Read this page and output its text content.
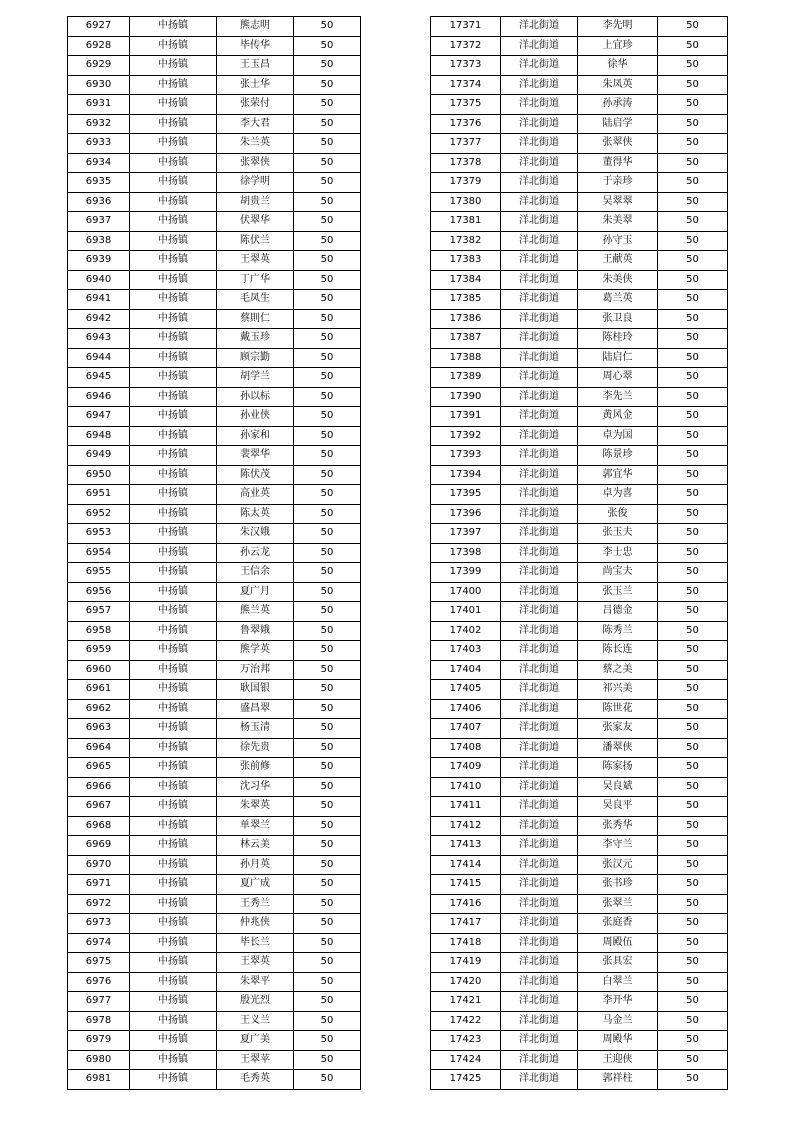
6927	中扬镇	熊志明	50
6928	中扬镇	毕传华	50
6929	中扬镇	王玉昌	50
6930	中扬镇	张士华	50
6931	中扬镇	张荣付	50
6932	中扬镇	李大君	50
6933	中扬镇	朱兰英	50
6934	中扬镇	张翠侠	50
6935	中扬镇	徐学明	50
6936	中扬镇	胡贵兰	50
6937	中扬镇	伏翠华	50
6938	中扬镇	陈伏兰	50
6939	中扬镇	王翠英	50
6940	中扬镇	丁广华	50
6941	中扬镇	毛凤生	50
6942	中扬镇	蔡則仁	50
6943	中扬镇	戴玉珍	50
6944	中扬镇	顾宗勤	50
6945	中扬镇	胡学兰	50
6946	中扬镇	孙以标	50
6947	中扬镇	孙业侠	50
6948	中扬镇	孙家和	50
6949	中扬镇	裴翠华	50
6950	中扬镇	陈伏茂	50
6951	中扬镇	高业英	50
6952	中扬镇	陈太英	50
6953	中扬镇	朱汉娥	50
6954	中扬镇	孙云龙	50
6955	中扬镇	王信余	50
6956	中扬镇	夏广月	50
6957	中扬镇	熊兰英	50
6958	中扬镇	鲁翠娥	50
6959	中扬镇	熊学英	50
6960	中扬镇	万治邦	50
6961	中扬镇	耿国银	50
6962	中扬镇	盛昌翠	50
6963	中扬镇	杨玉清	50
6964	中扬镇	徐先贵	50
6965	中扬镇	张前修	50
6966	中扬镇	沈习华	50
6967	中扬镇	朱翠英	50
6968	中扬镇	单翠兰	50
6969	中扬镇	林云美	50
6970	中扬镇	孙月英	50
6971	中扬镇	夏广成	50
6972	中扬镇	王秀兰	50
6973	中扬镇	仲兆侠	50
6974	中扬镇	毕长兰	50
6975	中扬镇	王翠英	50
6976	中扬镇	朱翠平	50
6977	中扬镇	殷光烈	50
6978	中扬镇	王义兰	50
6979	中扬镇	夏广美	50
6980	中扬镇	王翠苹	50
6981	中扬镇	毛秀英	50
17371	洋北街道	李先明	50
17372	洋北街道	上宜珍	50
17373	洋北街道	徐华	50
17374	洋北街道	朱凤英	50
17375	洋北街道	孙承涛	50
17376	洋北街道	陆启学	50
17377	洋北街道	张翠侠	50
17378	洋北街道	董得华	50
17379	洋北街道	于亲珍	50
17380	洋北街道	吴翠翠	50
17381	洋北街道	朱美翠	50
17382	洋北街道	孙守玉	50
17383	洋北街道	王献英	50
17384	洋北街道	朱美侠	50
17385	洋北街道	葛兰英	50
17386	洋北街道	张卫良	50
17387	洋北街道	陈桂玲	50
17388	洋北街道	陆启仁	50
17389	洋北街道	周心翠	50
17390	洋北街道	李先兰	50
17391	洋北街道	黄风金	50
17392	洋北街道	卓为国	50
17393	洋北街道	陈景珍	50
17394	洋北街道	郭宜华	50
17395	洋北街道	卓为喜	50
17396	洋北街道	张俊	50
17397	洋北街道	张玉夫	50
17398	洋北街道	李士忠	50
17399	洋北街道	尚宝夫	50
17400	洋北街道	张玉兰	50
17401	洋北街道	吕德金	50
17402	洋北街道	陈秀兰	50
17403	洋北街道	陈长连	50
17404	洋北街道	蔡之美	50
17405	洋北街道	祁兴美	50
17406	洋北街道	陈世花	50
17407	洋北街道	张家友	50
17408	洋北街道	潘翠侠	50
17409	洋北街道	陈家扬	50
17410	洋北街道	吴良斌	50
17411	洋北街道	吴良平	50
17412	洋北街道	张秀华	50
17413	洋北街道	李守兰	50
17414	洋北街道	张汉元	50
17415	洋北街道	张书珍	50
17416	洋北街道	张翠兰	50
17417	洋北街道	张庭香	50
17418	洋北街道	周殿伍	50
17419	洋北街道	张具宏	50
17420	洋北街道	白翠兰	50
17421	洋北街道	李开华	50
17422	洋北街道	马金兰	50
17423	洋北街道	周殿华	50
17424	洋北街道	王迎侠	50
17425	洋北街道	郭祥柱	50
